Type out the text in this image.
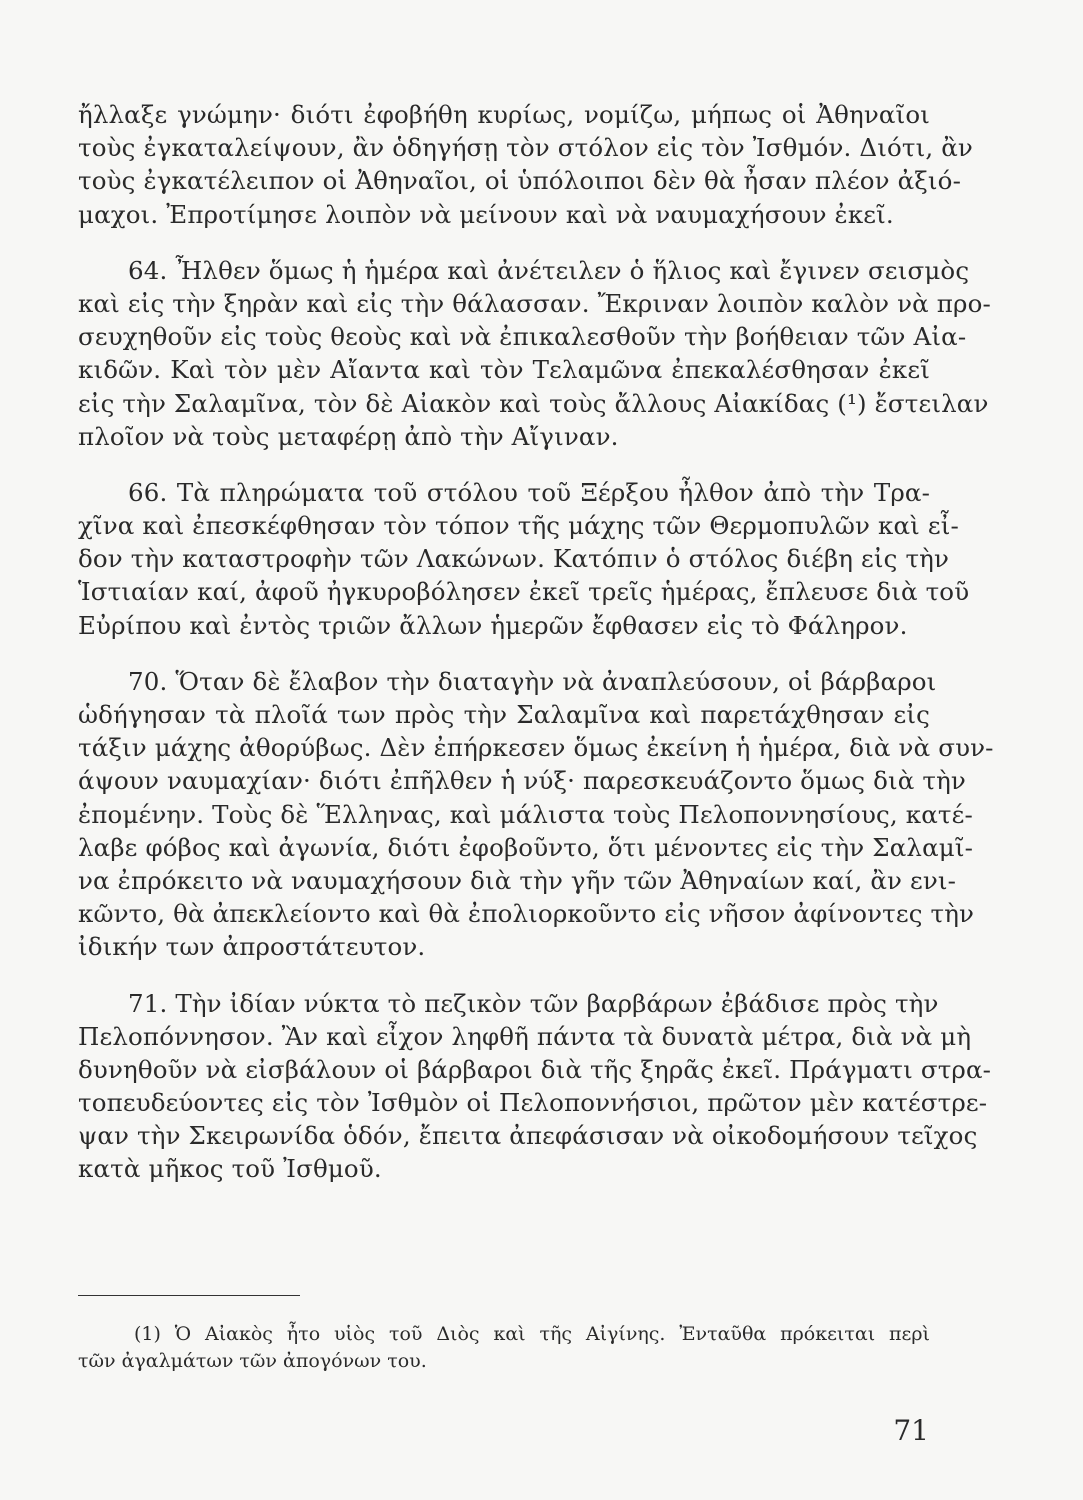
ἤλλαξε γνώμην· διότι ἐφοβήθη κυρίως, νομίζω, μήπως οἱ Ἀθηναῖοι
τοὺς ἐγκαταλείψουν, ἂν ὁδηγήσῃ τὸν στόλον εἰς τὸν Ἰσθμόν. Διότι, ἂν
τοὺς ἐγκατέλειπον οἱ Ἀθηναῖοι, οἱ ὑπόλοιποι δὲν θὰ ἦσαν πλέον ἀξιό-
μαχοι. Ἐπροτίμησε λοιπὸν νὰ μείνουν καὶ νὰ ναυμαχήσουν ἐκεῖ.
64. Ἦλθεν ὅμως ἡ ἡμέρα καὶ ἀνέτειλεν ὁ ἥλιος καὶ ἔγινεν σεισμὸς
καὶ εἰς τὴν ξηρὰν καὶ εἰς τὴν θάλασσαν. Ἔκριναν λοιπὸν καλὸν νὰ προ-
σευχηθοῦν εἰς τοὺς θεοὺς καὶ νὰ ἐπικαλεσθοῦν τὴν βοήθειαν τῶν Αἰα-
κιδῶν. Καὶ τὸν μὲν Αἴαντα καὶ τὸν Τελαμῶνα ἐπεκαλέσθησαν ἐκεῖ
εἰς τὴν Σαλαμῖνα, τὸν δὲ Αἰακὸν καὶ τοὺς ἄλλους Αἰακίδας (¹) ἔστειλαν
πλοῖον νὰ τοὺς μεταφέρῃ ἀπὸ τὴν Αἴγιναν.
66. Τὰ πληρώματα τοῦ στόλου τοῦ Ξέρξου ἦλθον ἀπὸ τὴν Τρα-
χῖνα καὶ ἐπεσκέφθησαν τὸν τόπον τῆς μάχης τῶν Θερμοπυλῶν καὶ εἶ-
δον τὴν καταστροφὴν τῶν Λακώνων. Κατόπιν ὁ στόλος διέβη εἰς τὴν
Ἱστιαίαν καί, ἀφοῦ ἠγκυροβόλησεν ἐκεῖ τρεῖς ἡμέρας, ἔπλευσε διὰ τοῦ
Εὐρίπου καὶ ἐντὸς τριῶν ἄλλων ἡμερῶν ἔφθασεν εἰς τὸ Φάληρον.
70. Ὅταν δὲ ἔλαβον τὴν διαταγὴν νὰ ἀναπλεύσουν, οἱ βάρβαροι
ὡδήγησαν τὰ πλοῖά των πρὸς τὴν Σαλαμῖνα καὶ παρετάχθησαν εἰς
τάξιν μάχης ἀθορύβως. Δὲν ἐπήρκεσεν ὅμως ἐκείνη ἡ ἡμέρα, διὰ νὰ συν-
άψουν ναυμαχίαν· διότι ἐπῆλθεν ἡ νύξ· παρεσκευάζοντο ὅμως διὰ τὴν
ἐπομένην. Τοὺς δὲ Ἕλληνας, καὶ μάλιστα τοὺς Πελοποννησίους, κατέ-
λαβε φόβος καὶ ἀγωνία, διότι ἐφοβοῦντο, ὅτι μένοντες εἰς τὴν Σαλαμῖ-
να ἐπρόκειτο νὰ ναυμαχήσουν διὰ τὴν γῆν τῶν Ἀθηναίων καί, ἂν ενι-
κῶντο, θὰ ἀπεκλείοντο καὶ θὰ ἐπολιορκοῦντο εἰς νῆσον ἀφίνοντες τὴν
ἰδικήν των ἀπροστάτευτον.
71. Τὴν ἰδίαν νύκτα τὸ πεζικὸν τῶν βαρβάρων ἐβάδισε πρὸς τὴν
Πελοπόννησον. Ἂν καὶ εἶχον ληφθῆ πάντα τὰ δυνατὰ μέτρα, διὰ νὰ μὴ
δυνηθοῦν νὰ εἰσβάλουν οἱ βάρβαροι διὰ τῆς ξηρᾶς ἐκεῖ. Πράγματι στρα-
τοπευδεύοντες εἰς τὸν Ἰσθμὸν οἱ Πελοποννήσιοι, πρῶτον μὲν κατέστρε-
ψαν τὴν Σκειρωνίδα ὁδόν, ἔπειτα ἀπεφάσισαν νὰ οἰκοδομήσουν τεῖχος
κατὰ μῆκος τοῦ Ἰσθμοῦ.
(1) Ὁ Αἰακὸς ἦτο υἱὸς τοῦ Διὸς καὶ τῆς Αἰγίνης. Ἐνταῦθα πρόκειται περὶ
τῶν ἀγαλμάτων τῶν ἀπογόνων του.
71
